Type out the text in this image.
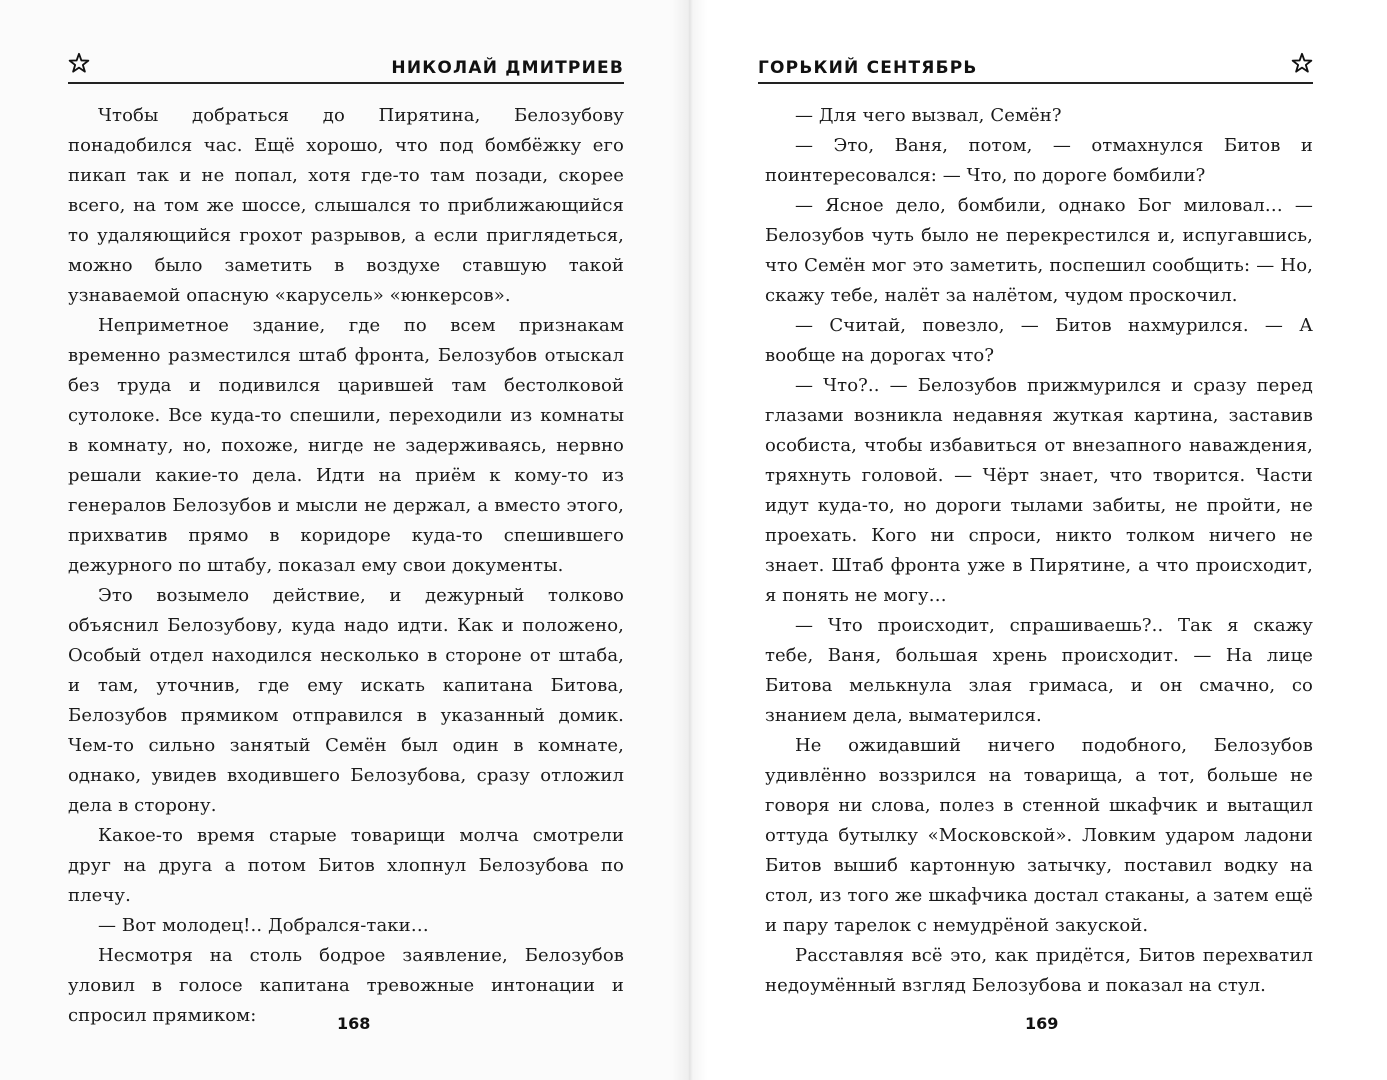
НИКОЛАЙ ДМИТРИЕВ

Чтобы добраться до Пирятина, Белозубову понадобился час. Ещё хорошо, что под бомбёжку его пикап так и не попал, хотя где-то там позади, скорее всего, на том же шоссе, слышался то приближающийся то удаляющийся грохот разрывов, а если приглядеться, можно было заметить в воздухе ставшую такой узнаваемой опасную «карусель» «юнкерсов».

Неприметное здание, где по всем признакам временно разместился штаб фронта, Белозубов отыскал без труда и подивился царившей там бестолковой сутолоке. Все куда-то спешили, переходили из комнаты в комнату, но, похоже, нигде не задерживаясь, нервно решали какие-то дела. Идти на приём к кому-то из генералов Белозубов и мысли не держал, а вместо этого, прихватив прямо в коридоре куда-то спешившего дежурного по штабу, показал ему свои документы.

Это возымело действие, и дежурный толково объяснил Белозубову, куда надо идти. Как и положено, Особый отдел находился несколько в стороне от штаба, и там, уточнив, где ему искать капитана Битова, Белозубов прямиком отправился в указанный домик. Чем-то сильно занятый Семён был один в комнате, однако, увидев входившего Белозубова, сразу отложил дела в сторону.

Какое-то время старые товарищи молча смотрели друг на друга а потом Битов хлопнул Белозубова по плечу.

— Вот молодец!.. Добрался-таки…

Несмотря на столь бодрое заявление, Белозубов уловил в голосе капитана тревожные интонации и спросил прямиком:	168
ГОРЬКИЙ СЕНТЯБРЬ

— Для чего вызвал, Семён?

— Это, Ваня, потом, — отмахнулся Битов и поинтересовался: — Что, по дороге бомбили?

— Ясное дело, бомбили, однако Бог миловал… — Белозубов чуть было не перекрестился и, испугавшись, что Семён мог это заметить, поспешил сообщить: — Но, скажу тебе, налёт за налётом, чудом проскочил.

— Считай, повезло, — Битов нахмурился. — А вообще на дорогах что?

— Что?.. — Белозубов прижмурился и сразу перед глазами возникла недавняя жуткая картина, заставив особиста, чтобы избавиться от внезапного наваждения, тряхнуть головой. — Чёрт знает, что творится. Части идут куда-то, но дороги тылами забиты, не пройти, не проехать. Кого ни спроси, никто толком ничего не знает. Штаб фронта уже в Пирятине, а что происходит, я понять не могу…

— Что происходит, спрашиваешь?.. Так я скажу тебе, Ваня, большая хрень происходит. — На лице Битова мелькнула злая гримаса, и он смачно, со знанием дела, выматерился.

Не ожидавший ничего подобного, Белозубов удивлённо воззрился на товарища, а тот, больше не говоря ни слова, полез в стенной шкафчик и вытащил оттуда бутылку «Московской». Ловким ударом ладони Битов вышиб картонную затычку, поставил водку на стол, из того же шкафчика достал стаканы, а затем ещё и пару тарелок с немудрёной закуской.

Расставляя всё это, как придётся, Битов перехватил недоумённый взгляд Белозубова и показал на стул.

169
